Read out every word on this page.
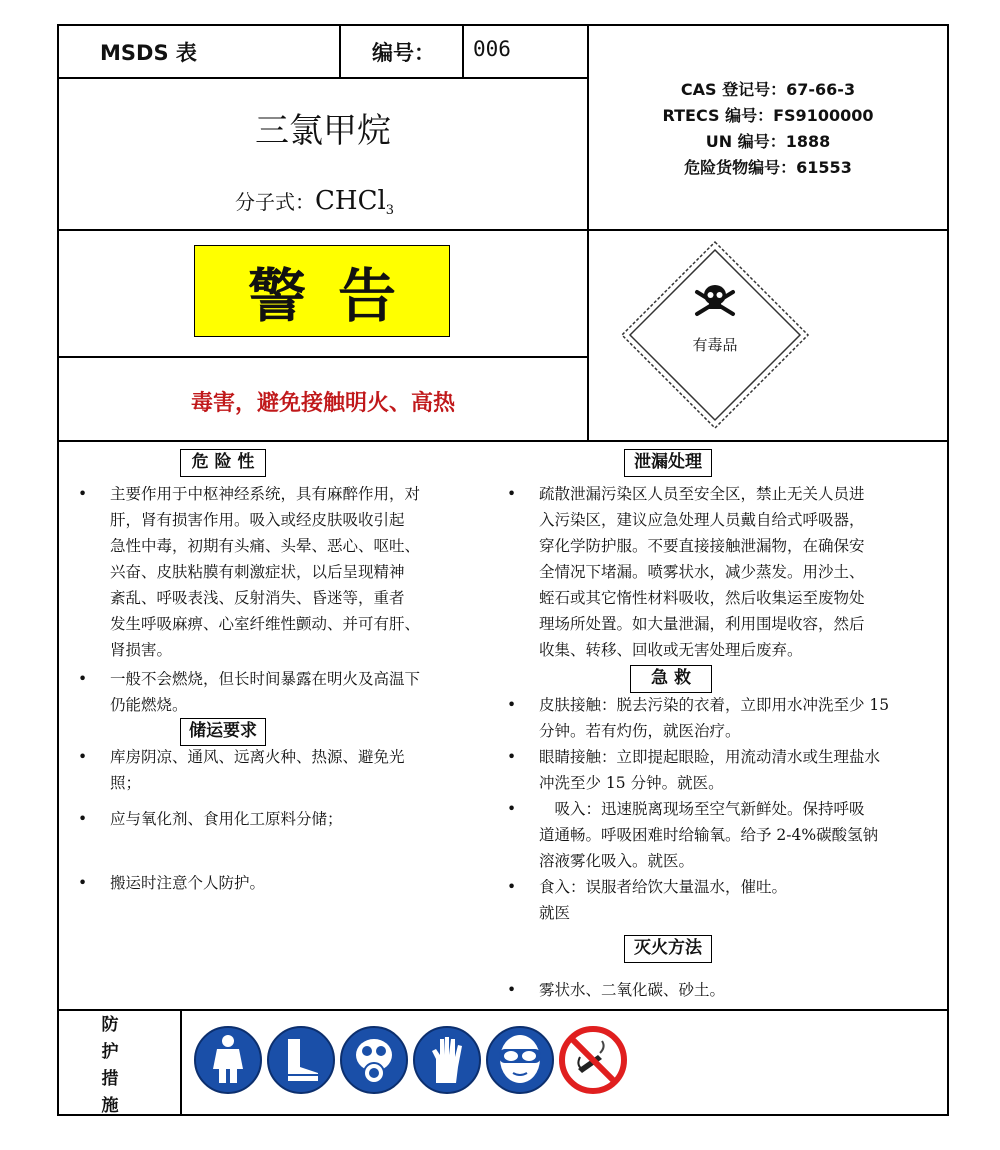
MSDS 表	编号： 006
三氯甲烷
分子式：CHCl$_3$
CAS 登记号：67-66-3
RTECS 编号：FS9100000
UN 编号：1888
危险货物编号：61553
警告
毒害，避免接触明火、高热
有毒品
危 险 性
• 主要作用于中枢神经系统，具有麻醉作用，对
肝，肾有损害作用。吸入或经皮肤吸收引起
急性中毒，初期有头痛、头晕、恶心、呕吐、
兴奋、皮肤粘膜有刺激症状，以后呈现精神
紊乱、呼吸表浅、反射消失、昏迷等，重者
发生呼吸麻痹、心室纤维性颤动、并可有肝、
肾损害。
• 一般不会燃烧，但长时间暴露在明火及高温下
仍能燃烧。
储运要求
• 库房阴凉、通风、远离火种、热源、避免光
照；
• 应与氧化剂、食用化工原料分储；
• 搬运时注意个人防护。
泄漏处理
• 疏散泄漏污染区人员至安全区，禁止无关人员进
入污染区，建议应急处理人员戴自给式呼吸器，
穿化学防护服。不要直接接触泄漏物，在确保安
全情况下堵漏。喷雾状水，减少蒸发。用沙土、
蛭石或其它惰性材料吸收，然后收集运至废物处
理场所处置。如大量泄漏，利用围堤收容，然后
收集、转移、回收或无害处理后废弃。
急 救
• 皮肤接触：脱去污染的衣着，立即用水冲洗至少 15
分钟。若有灼伤，就医治疗。
• 眼睛接触：立即提起眼睑，用流动清水或生理盐水
冲洗至少 15 分钟。就医。
• 　吸入：迅速脱离现场至空气新鲜处。保持呼吸
道通畅。呼吸困难时给输氧。给予 2-4%碳酸氢钠
溶液雾化吸入。就医。
• 食入：误服者给饮大量温水，催吐。
就医
灭火方法
• 雾状水、二氧化碳、砂土。
防
护
措
施
